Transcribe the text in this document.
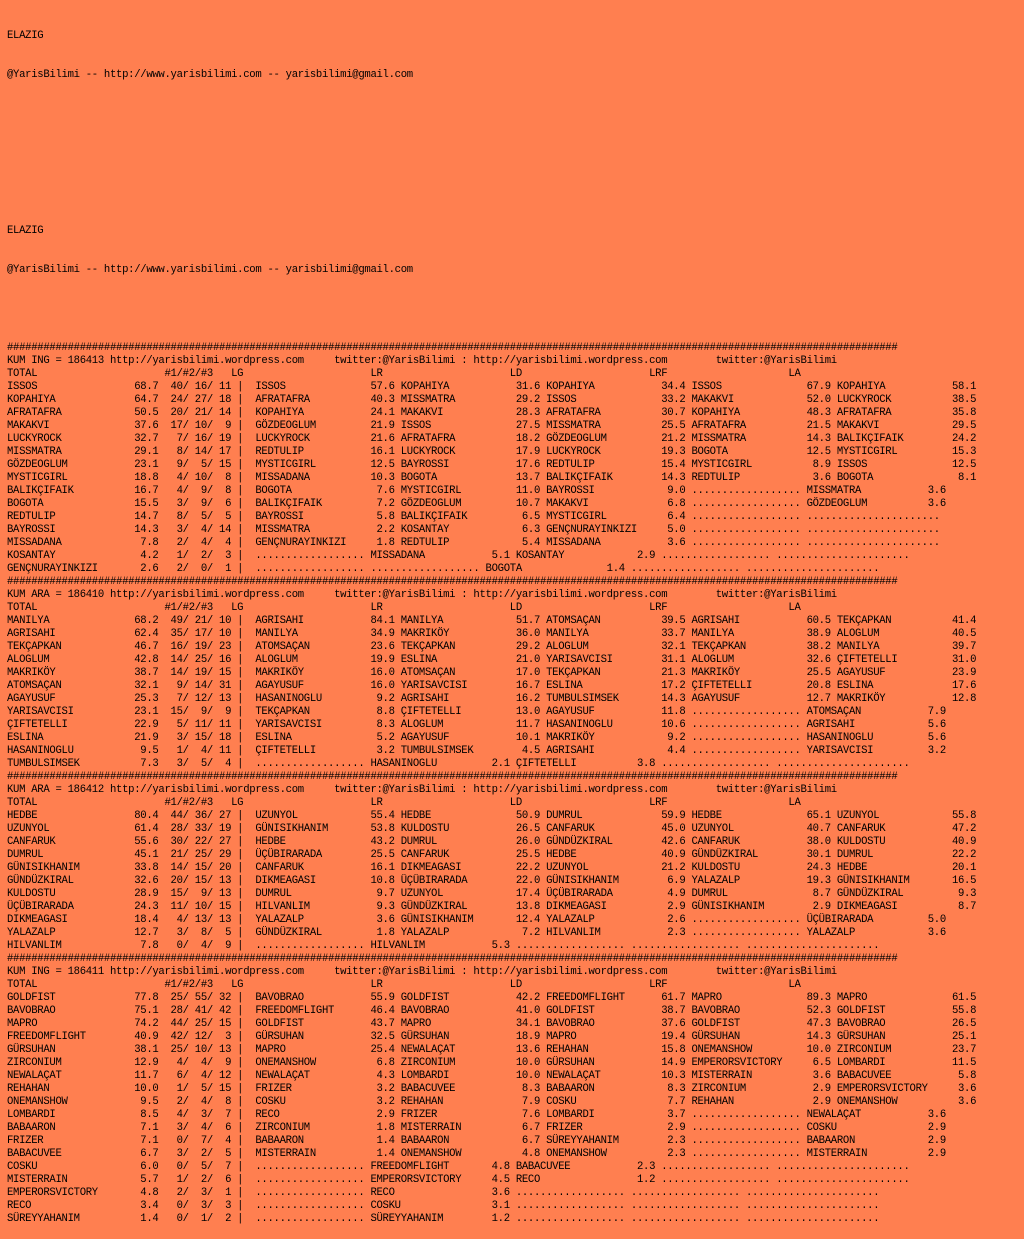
ELAZIG

@YarisBilimi -- http://www.yarisbilimi.com -- yarisbilimi@gmail.com

ELAZIG

@YarisBilimi -- http://www.yarisbilimi.com -- yarisbilimi@gmail.com

###################################################################################################################################################
KUM ING = 186413 http://yarisbilimi.wordpress.com     twitter:@YarisBilimi : http://yarisbilimi.wordpress.com        twitter:@YarisBilimi
TOTAL                     #1/#2/#3   LG                     LR                     LD                     LRF                    LA
ISSOS                68.7  40/ 16/ 11 |  ISSOS              57.6 KOPAHIYA           31.6 KOPAHIYA           34.4 ISSOS              67.9 KOPAHIYA           58.1
KOPAHIYA             64.7  24/ 27/ 18 |  AFRATAFRA          40.3 MISSMATRA          29.2 ISSOS              33.2 MAKAKVI            52.0 LUCKYROCK          38.5
AFRATAFRA            50.5  20/ 21/ 14 |  KOPAHIYA           24.1 MAKAKVI            28.3 AFRATAFRA          30.7 KOPAHIYA           48.3 AFRATAFRA          35.8
MAKAKVI              37.6  17/ 10/  9 |  GÖZDEOGLUM         21.9 ISSOS              27.5 MISSMATRA          25.5 AFRATAFRA          21.5 MAKAKVI            29.5
LUCKYROCK            32.7   7/ 16/ 19 |  LUCKYROCK          21.6 AFRATAFRA          18.2 GÖZDEOGLUM         21.2 MISSMATRA          14.3 BALIKÇIFAIK        24.2
MISSMATRA            29.1   8/ 14/ 17 |  REDTULIP           16.1 LUCKYROCK          17.9 LUCKYROCK          19.3 BOGOTA             12.5 MYSTICGIRL         15.3
GÖZDEOGLUM           23.1   9/  5/ 15 |  MYSTICGIRL         12.5 BAYROSSI           17.6 REDTULIP           15.4 MYSTICGIRL          8.9 ISSOS              12.5
MYSTICGIRL           18.8   4/ 10/  8 |  MISSADANA          10.3 BOGOTA             13.7 BALIKÇIFAIK        14.3 REDTULIP            3.6 BOGOTA              8.1
BALIKÇIFAIK          16.7   4/  9/  8 |  BOGOTA              7.6 MYSTICGIRL         11.0 BAYROSSI            9.0 .................. MISSMATRA           3.6
BOGOTA               15.5   3/  9/  6 |  BALIKÇIFAIK         7.2 GÖZDEOGLUM         10.7 MAKAKVI             6.8 .................. GÖZDEOGLUM          3.6
REDTULIP             14.7   8/  5/  5 |  BAYROSSI            5.8 BALIKÇIFAIK         6.5 MYSTICGIRL          6.4 .................. ......................
BAYROSSI             14.3   3/  4/ 14 |  MISSMATRA           2.2 KOSANTAY            6.3 GENÇNURAYINKIZI     5.0 .................. ......................
MISSADANA             7.8   2/  4/  4 |  GENÇNURAYINKIZI     1.8 REDTULIP            5.4 MISSADANA           3.6 .................. ......................
KOSANTAY              4.2   1/  2/  3 |  .................. MISSADANA           5.1 KOSANTAY            2.9 .................. ......................
GENÇNURAYINKIZI       2.6   2/  0/  1 |  .................. .................. BOGOTA              1.4 .................. ......................
###################################################################################################################################################
KUM ARA = 186410 http://yarisbilimi.wordpress.com     twitter:@YarisBilimi : http://yarisbilimi.wordpress.com        twitter:@YarisBilimi
TOTAL                     #1/#2/#3   LG                     LR                     LD                     LRF                    LA
MANILYA              68.2  49/ 21/ 10 |  AGRISAHI           84.1 MANILYA            51.7 ATOMSAÇAN          39.5 AGRISAHI           60.5 TEKÇAPKAN          41.4
AGRISAHI             62.4  35/ 17/ 10 |  MANILYA            34.9 MAKRIKÖY           36.0 MANILYA            33.7 MANILYA            38.9 ALOGLUM            40.5
TEKÇAPKAN            46.7  16/ 19/ 23 |  ATOMSAÇAN          23.6 TEKÇAPKAN          29.2 ALOGLUM            32.1 TEKÇAPKAN          38.2 MANILYA            39.7
ALOGLUM              42.8  14/ 25/ 16 |  ALOGLUM            19.9 ESLINA             21.0 YARISAVCISI        31.1 ALOGLUM            32.6 ÇIFTETELLI         31.0
MAKRIKÖY             38.7  14/ 19/ 15 |  MAKRIKÖY           16.0 ATOMSAÇAN          17.0 TEKÇAPKAN          21.3 MAKRIKÖY           25.5 AGAYUSUF           23.9
ATOMSAÇAN            32.1   9/ 14/ 31 |  AGAYUSUF           16.0 YARISAVCISI        16.7 ESLINA             17.2 ÇIFTETELLI         20.8 ESLINA             17.6
AGAYUSUF             25.3   7/ 12/ 13 |  HASANINOGLU         9.2 AGRISAHI           16.2 TUMBULSIMSEK       14.3 AGAYUSUF           12.7 MAKRIKÖY           12.8
YARISAVCISI          23.1  15/  9/  9 |  TEKÇAPKAN           8.8 ÇIFTETELLI         13.0 AGAYUSUF           11.8 .................. ATOMSAÇAN           7.9
ÇIFTETELLI           22.9   5/ 11/ 11 |  YARISAVCISI         8.3 ALOGLUM            11.7 HASANINOGLU        10.6 .................. AGRISAHI            5.6
ESLINA               21.9   3/ 15/ 18 |  ESLINA              5.2 AGAYUSUF           10.1 MAKRIKÖY            9.2 .................. HASANINOGLU         5.6
HASANINOGLU           9.5   1/  4/ 11 |  ÇIFTETELLI          3.2 TUMBULSIMSEK        4.5 AGRISAHI            4.4 .................. YARISAVCISI         3.2
TUMBULSIMSEK          7.3   3/  5/  4 |  .................. HASANINOGLU         2.1 ÇIFTETELLI          3.8 .................. ......................
###################################################################################################################################################
KUM ARA = 186412 http://yarisbilimi.wordpress.com     twitter:@YarisBilimi : http://yarisbilimi.wordpress.com        twitter:@YarisBilimi
TOTAL                     #1/#2/#3   LG                     LR                     LD                     LRF                    LA
HEDBE                80.4  44/ 36/ 27 |  UZUNYOL            55.4 HEDBE              50.9 DUMRUL             59.9 HEDBE              65.1 UZUNYOL            55.8
UZUNYOL              61.4  28/ 33/ 19 |  GÜNISIKHANIM       53.8 KULDOSTU           26.5 CANFARUK           45.0 UZUNYOL            40.7 CANFARUK           47.2
CANFARUK             55.6  30/ 22/ 27 |  HEDBE              43.2 DUMRUL             26.0 GÜNDÜZKIRAL        42.6 CANFARUK           38.0 KULDOSTU           40.9
DUMRUL               45.1  21/ 25/ 29 |  ÜÇÜBIRARADA        25.5 CANFARUK           25.5 HEDBE              40.9 GÜNDÜZKIRAL        30.1 DUMRUL             22.2
GÜNISIKHANIM         33.8  14/ 15/ 20 |  CANFARUK           16.1 DIKMEAGASI         22.2 UZUNYOL            21.2 KULDOSTU           24.3 HEDBE              20.1
GÜNDÜZKIRAL          32.6  20/ 15/ 13 |  DIKMEAGASI         10.8 ÜÇÜBIRARADA        22.0 GÜNISIKHANIM        6.9 YALAZALP           19.3 GÜNISIKHANIM       16.5
KULDOSTU             28.9  15/  9/ 13 |  DUMRUL              9.7 UZUNYOL            17.4 ÜÇÜBIRARADA         4.9 DUMRUL              8.7 GÜNDÜZKIRAL         9.3
ÜÇÜBIRARADA          24.3  11/ 10/ 15 |  HILVANLIM           9.3 GÜNDÜZKIRAL        13.8 DIKMEAGASI          2.9 GÜNISIKHANIM        2.9 DIKMEAGASI          8.7
DIKMEAGASI           18.4   4/ 13/ 13 |  YALAZALP            3.6 GÜNISIKHANIM       12.4 YALAZALP            2.6 .................. ÜÇÜBIRARADA         5.0
YALAZALP             12.7   3/  8/  5 |  GÜNDÜZKIRAL         1.8 YALAZALP            7.2 HILVANLIM           2.3 .................. YALAZALP            3.6
HILVANLIM             7.8   0/  4/  9 |  .................. HILVANLIM           5.3 .................. .................. ......................
###################################################################################################################################################
KUM ING = 186411 http://yarisbilimi.wordpress.com     twitter:@YarisBilimi : http://yarisbilimi.wordpress.com        twitter:@YarisBilimi
TOTAL                     #1/#2/#3   LG                     LR                     LD                     LRF                    LA
GOLDFIST             77.8  25/ 55/ 32 |  BAVOBRAO           55.9 GOLDFIST           42.2 FREEDOMFLIGHT      61.7 MAPRO              89.3 MAPRO              61.5
BAVOBRAO             75.1  28/ 41/ 42 |  FREEDOMFLIGHT      46.4 BAVOBRAO           41.0 GOLDFIST           38.7 BAVOBRAO           52.3 GOLDFIST           55.8
MAPRO                74.2  44/ 25/ 15 |  GOLDFIST           43.7 MAPRO              34.1 BAVOBRAO           37.6 GOLDFIST           47.3 BAVOBRAO           26.5
FREEDOMFLIGHT        40.9  42/ 12/  3 |  GÜRSUHAN           32.5 GÜRSUHAN           18.9 MAPRO              19.4 GÜRSUHAN           14.3 GÜRSUHAN           25.1
GÜRSUHAN             38.1  25/ 10/ 13 |  MAPRO              25.4 NEWALAÇAT          13.6 REHAHAN            15.8 ONEMANSHOW         10.0 ZIRCONIUM          23.7
ZIRCONIUM            12.9   4/  4/  9 |  ONEMANSHOW          6.8 ZIRCONIUM          10.0 GÜRSUHAN           14.9 EMPERORSVICTORY     6.5 LOMBARDI           11.5
NEWALAÇAT            11.7   6/  4/ 12 |  NEWALAÇAT           4.3 LOMBARDI           10.0 NEWALAÇAT          10.3 MISTERRAIN          3.6 BABACUVEE           5.8
REHAHAN              10.0   1/  5/ 15 |  FRIZER              3.2 BABACUVEE           8.3 BABAARON            8.3 ZIRCONIUM           2.9 EMPERORSVICTORY     3.6
ONEMANSHOW            9.5   2/  4/  8 |  COSKU               3.2 REHAHAN             7.9 COSKU               7.7 REHAHAN             2.9 ONEMANSHOW          3.6
LOMBARDI              8.5   4/  3/  7 |  RECO                2.9 FRIZER              7.6 LOMBARDI            3.7 .................. NEWALAÇAT           3.6
BABAARON              7.1   3/  4/  6 |  ZIRCONIUM           1.8 MISTERRAIN          6.7 FRIZER              2.9 .................. COSKU               2.9
FRIZER                7.1   0/  7/  4 |  BABAARON            1.4 BABAARON            6.7 SÜREYYAHANIM        2.3 .................. BABAARON            2.9
BABACUVEE             6.7   3/  2/  5 |  MISTERRAIN          1.4 ONEMANSHOW          4.8 ONEMANSHOW          2.3 .................. MISTERRAIN          2.9
COSKU                 6.0   0/  5/  7 |  .................. FREEDOMFLIGHT       4.8 BABACUVEE           2.3 .................. ......................
MISTERRAIN            5.7   1/  2/  6 |  .................. EMPERORSVICTORY     4.5 RECO                1.2 .................. ......................
EMPERORSVICTORY       4.8   2/  3/  1 |  .................. RECO                3.6 .................. .................. ......................
RECO                  3.4   0/  3/  3 |  .................. COSKU               3.1 .................. .................. ......................
SÜREYYAHANIM          1.4   0/  1/  2 |  .................. SÜREYYAHANIM        1.2 .................. .................. ......................
